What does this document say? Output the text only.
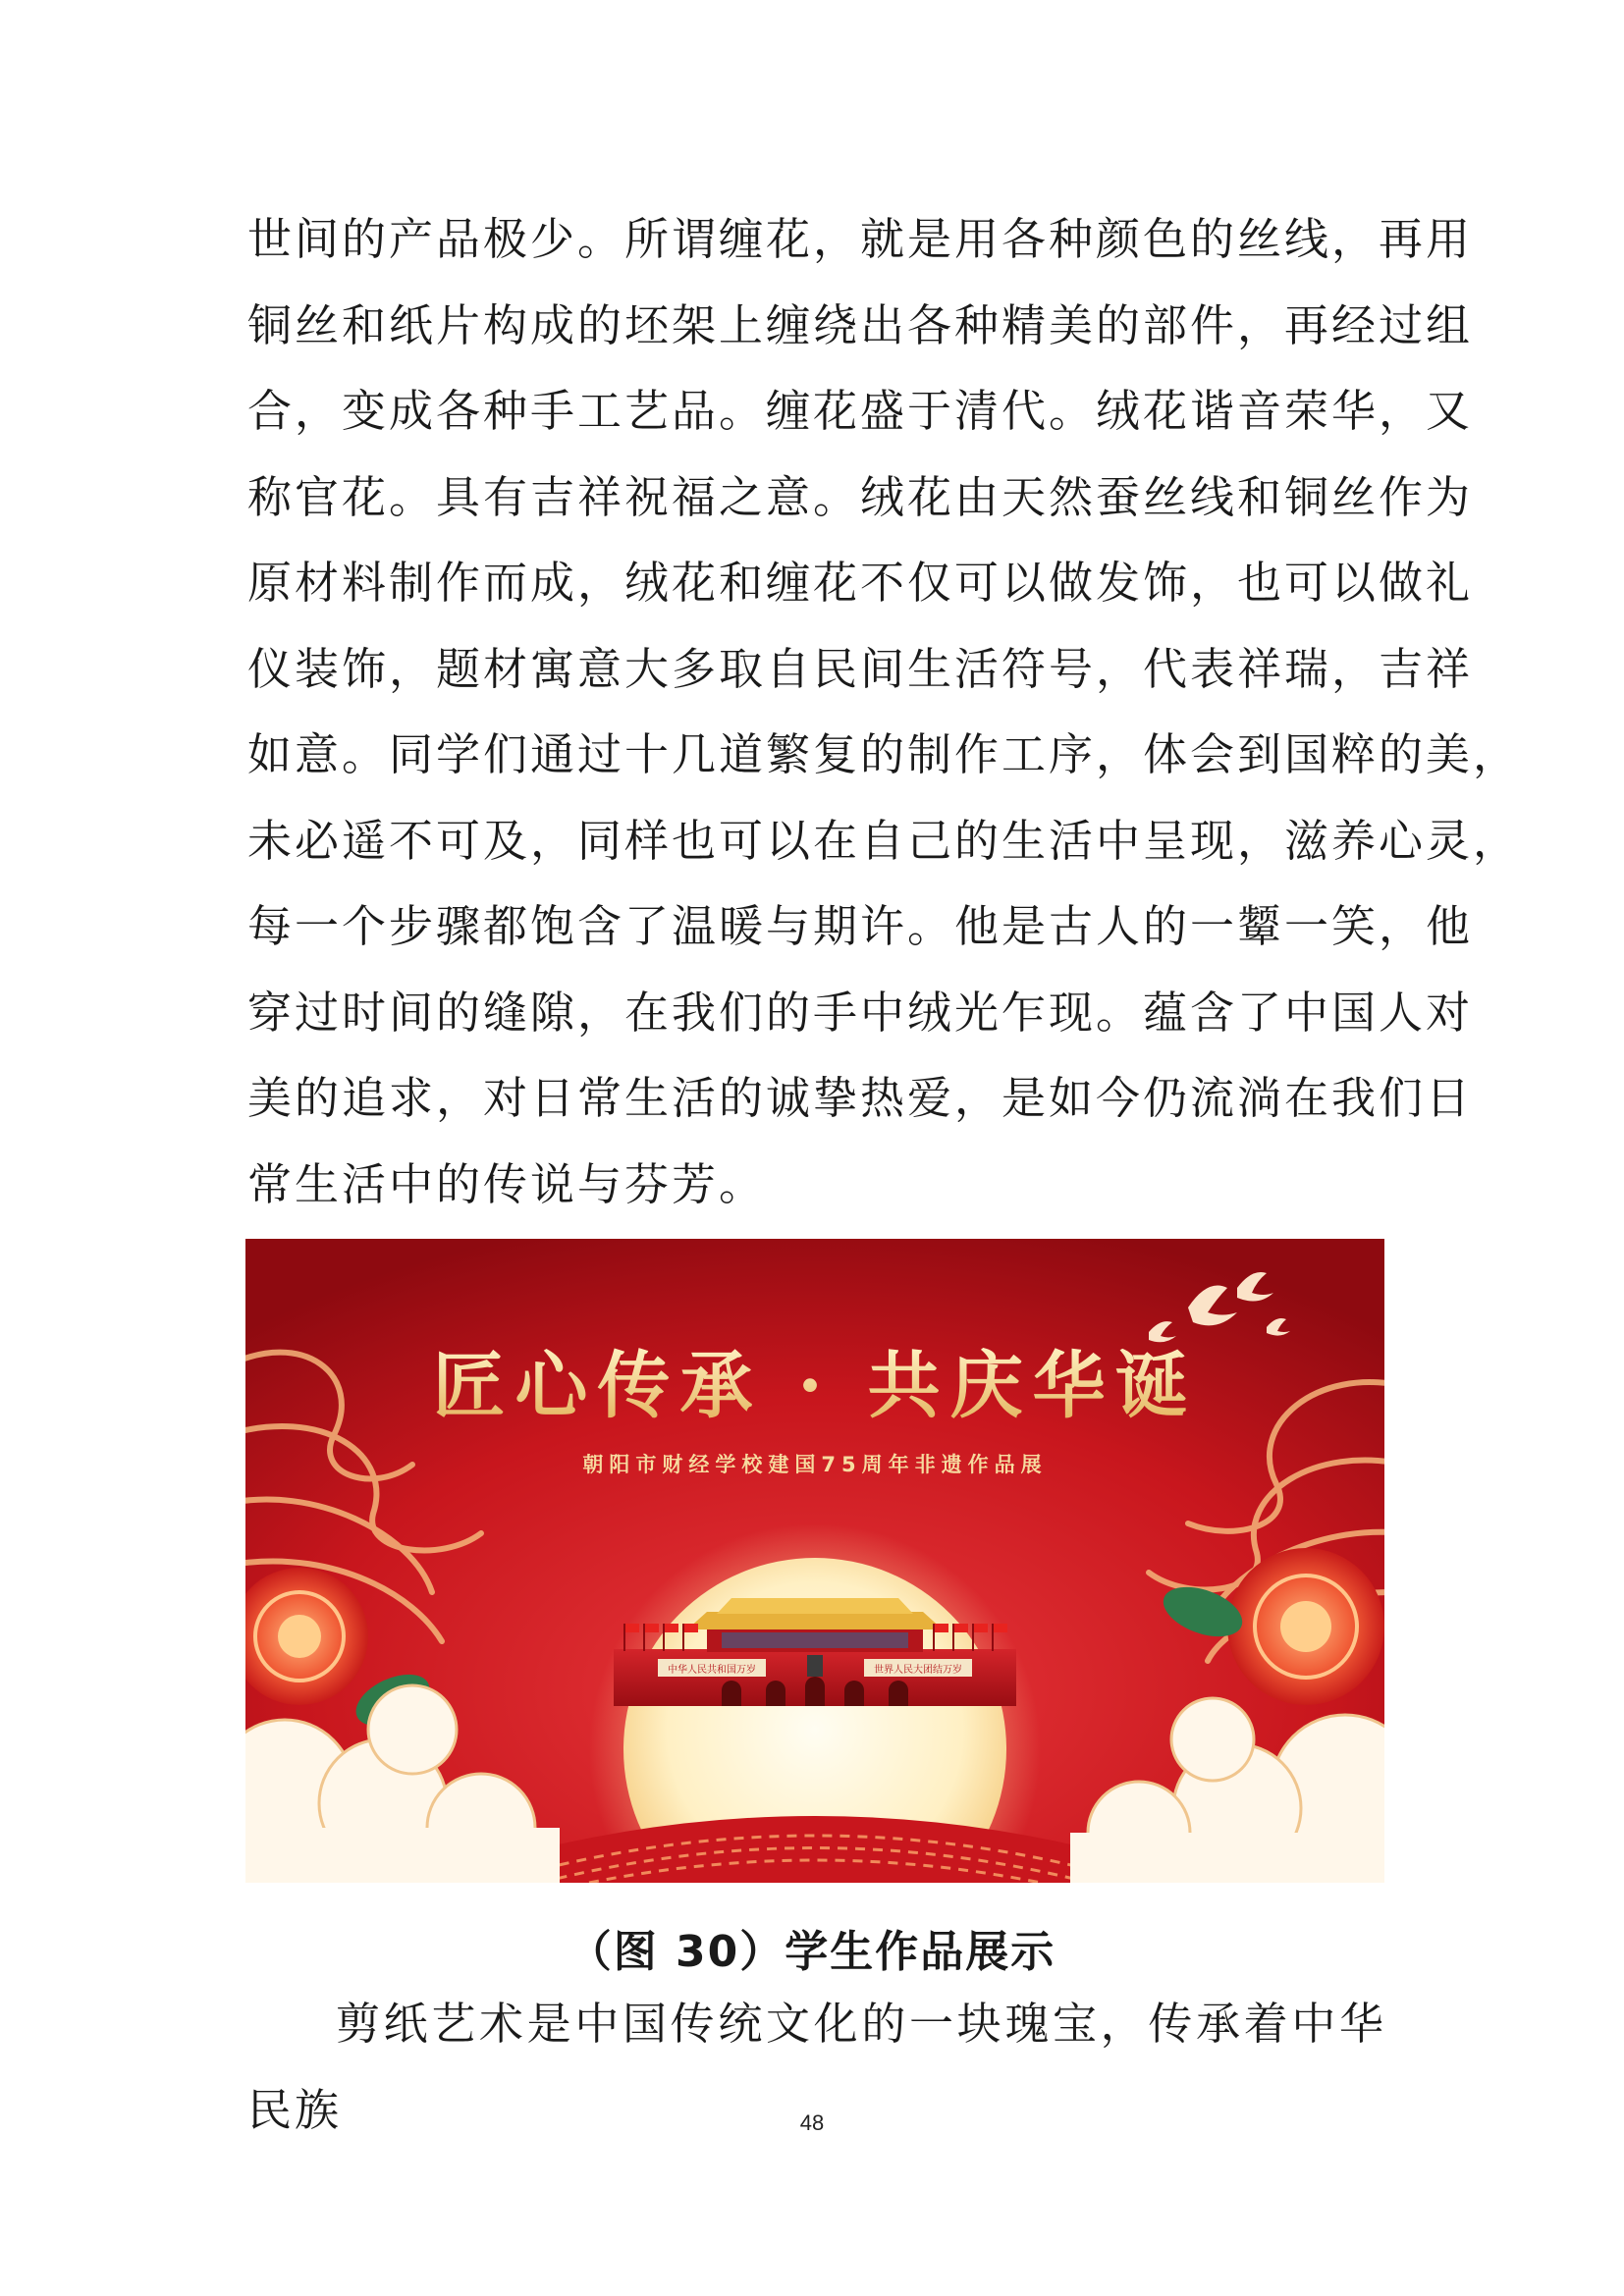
世间的产品极少。所谓缠花，就是用各种颜色的丝线，再用
铜丝和纸片构成的坯架上缠绕出各种精美的部件，再经过组
合，变成各种手工艺品。缠花盛于清代。绒花谐音荣华，又
称官花。具有吉祥祝福之意。绒花由天然蚕丝线和铜丝作为
原材料制作而成，绒花和缠花不仅可以做发饰，也可以做礼
仪装饰，题材寓意大多取自民间生活符号，代表祥瑞，吉祥
如意。同学们通过十几道繁复的制作工序，体会到国粹的美，
未必遥不可及，同样也可以在自己的生活中呈现，滋养心灵，
每一个步骤都饱含了温暖与期许。他是古人的一颦一笑，他
穿过时间的缝隙，在我们的手中绒光乍现。蕴含了中国人对
美的追求，对日常生活的诚挚热爱，是如今仍流淌在我们日
常生活中的传说与芬芳。
匠心传承 · 共庆华诞
朝阳市财经学校建国75周年非遗作品展
中华人民共和国万岁	世界人民大团结万岁
（图 30）学生作品展示

剪纸艺术是中国传统文化的一块瑰宝，传承着中华民族	48
